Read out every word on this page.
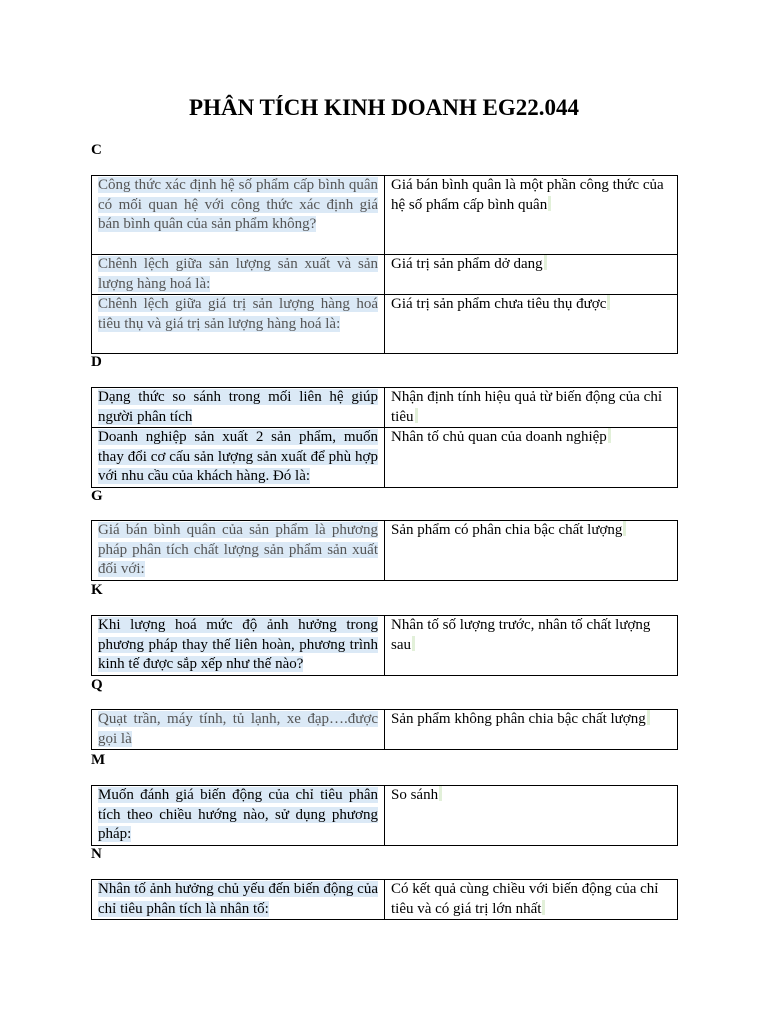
PHÂN TÍCH KINH DOANH EG22.044

C

Công thức xác định hệ số phẩm cấp bình quân có mối quan hệ với công thức xác định giá bán bình quân của sản phẩm không?	Giá bán bình quân là một phần công thức của hệ số phẩm cấp bình quân
Chênh lệch giữa sản lượng sản xuất và sản lượng hàng hoá là:	Giá trị sản phẩm dở dang
Chênh lệch giữa giá trị sản lượng hàng hoá tiêu thụ và giá trị sản lượng hàng hoá là:	Giá trị sản phẩm chưa tiêu thụ được

D

Dạng thức so sánh trong mối liên hệ giúp người phân tích	Nhận định tính hiệu quả từ biến động của chỉ tiêu
Doanh nghiệp sản xuất 2 sản phẩm, muốn thay đổi cơ cấu sản lượng sản xuất để phù hợp với nhu cầu của khách hàng. Đó là:	Nhân tố chủ quan của doanh nghiệp

G

Giá bán bình quân của sản phẩm là phương pháp phân tích chất lượng sản phẩm sản xuất đối với:	Sản phẩm có phân chia bậc chất lượng

K

Khi lượng hoá mức độ ảnh hưởng trong phương pháp thay thế liên hoàn, phương trình kinh tế được sắp xếp như thế nào?	Nhân tố số lượng trước, nhân tố chất lượng sau

Q

Quạt trần, máy tính, tủ lạnh, xe đạp….được gọi là	Sản phẩm không phân chia bậc chất lượng

M

Muốn đánh giá biến động của chỉ tiêu phân tích theo chiều hướng nào, sử dụng phương pháp:	So sánh

N

Nhân tố ảnh hưởng chủ yếu đến biến động của chỉ tiêu phân tích là nhân tố:	Có kết quả cùng chiều với biến động của chỉ tiêu và có giá trị lớn nhất
